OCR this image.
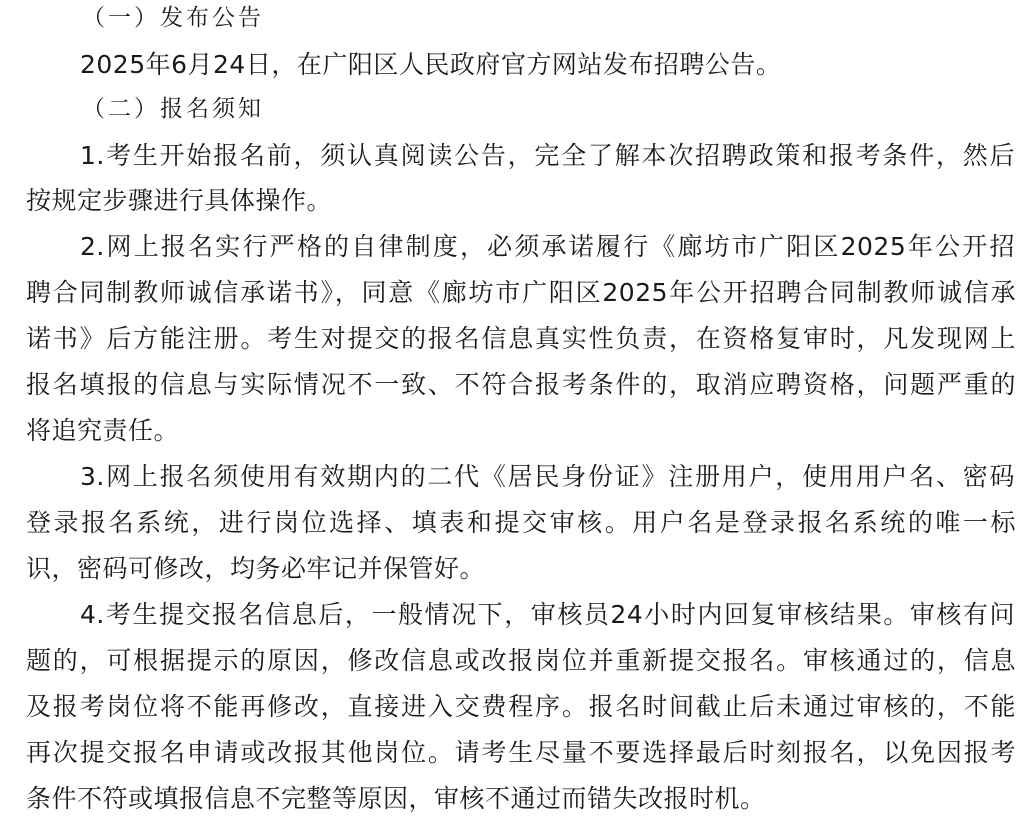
（一）发布公告
2025年6月24日，在广阳区人民政府官方网站发布招聘公告。
（二）报名须知
1.考生开始报名前，须认真阅读公告，完全了解本次招聘政策和报考条件，然后
按规定步骤进行具体操作。
2.网上报名实行严格的自律制度，必须承诺履行《廊坊市广阳区2025年公开招
聘合同制教师诚信承诺书》，同意《廊坊市广阳区2025年公开招聘合同制教师诚信承
诺书》后方能注册。考生对提交的报名信息真实性负责，在资格复审时，凡发现网上
报名填报的信息与实际情况不一致、不符合报考条件的，取消应聘资格，问题严重的
将追究责任。
3.网上报名须使用有效期内的二代《居民身份证》注册用户，使用用户名、密码
登录报名系统，进行岗位选择、填表和提交审核。用户名是登录报名系统的唯一标
识，密码可修改，均务必牢记并保管好。
4.考生提交报名信息后，一般情况下，审核员24小时内回复审核结果。审核有问
题的，可根据提示的原因，修改信息或改报岗位并重新提交报名。审核通过的，信息
及报考岗位将不能再修改，直接进入交费程序。报名时间截止后未通过审核的，不能
再次提交报名申请或改报其他岗位。请考生尽量不要选择最后时刻报名，以免因报考
条件不符或填报信息不完整等原因，审核不通过而错失改报时机。
